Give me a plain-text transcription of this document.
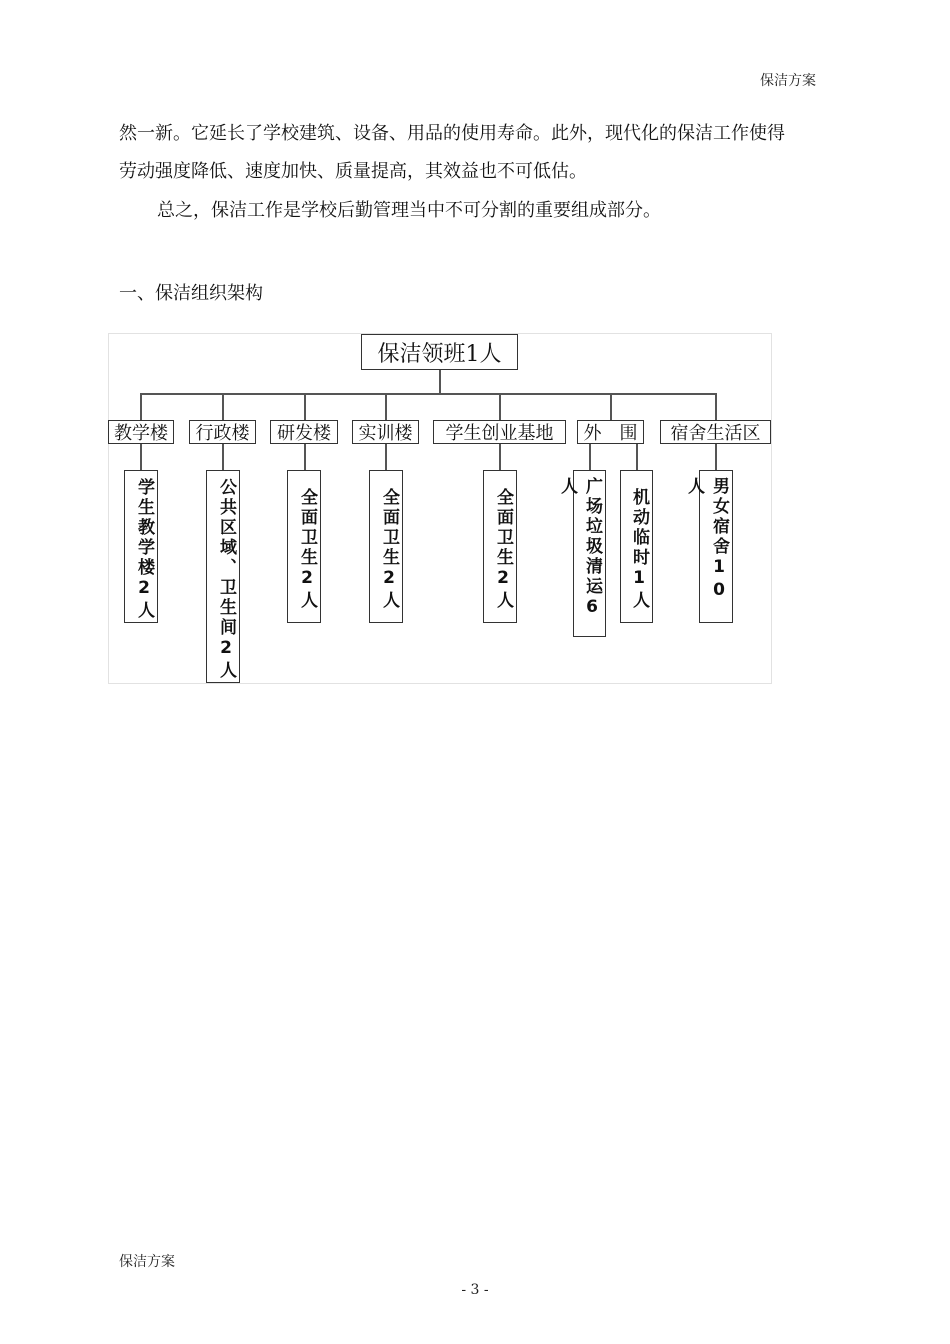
保洁方案
然一新。它延长了学校建筑、设备、用品的使用寿命。此外，现代化的保洁工作使得
劳动强度降低、速度加快、质量提高，其效益也不可低估。
总之，保洁工作是学校后勤管理当中不可分割的重要组成部分。
一、保洁组织架构
保洁领班1人
教学楼	行政楼	研发楼	实训楼	学生创业基地	外　围	宿舍生活区
学生教学楼2人	公共区域、卫生间2人	全面卫生2人	全面卫生2人	全面卫生2人	广场垃圾清运6人
机动临时1人	男女宿舍10人
保洁方案
- 3 -
